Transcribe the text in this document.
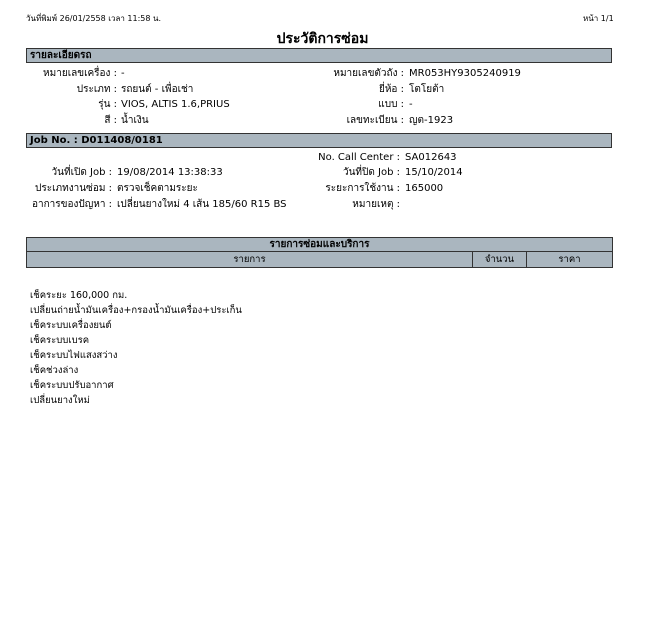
วันที่พิมพ์ 26/01/2558 เวลา 11:58 น.	หน้า 1/1
ประวัติการซ่อม
รายละเอียดรถ
หมายเลขเครื่อง : -	หมายเลขตัวถัง : MR053HY9305240919
ประเภท : รถยนต์ - เพื่อเช่า	ยี่ห้อ : โตโยต้า
รุ่น : VIOS, ALTIS 1.6,PRIUS	แบบ : -
สี : น้ำเงิน	เลขทะเบียน : ญต-1923
Job No. : D011408/0181
No. Call Center : SA012643
วันที่เปิด Job : 19/08/2014 13:38:33	วันที่ปิด Job : 15/10/2014
ประเภทงานซ่อม : ตรวจเช็คตามระยะ	ระยะการใช้งาน : 165000
อาการของปัญหา : เปลี่ยนยางใหม่ 4 เส้น 185/60 R15 BS	หมายเหตุ :
รายการซ่อมและบริการ
รายการ	จำนวน	ราคา
เช็คระยะ 160,000 กม.
เปลี่ยนถ่ายน้ำมันเครื่อง+กรองน้ำมันเครื่อง+ประเก็น
เช็คระบบเครื่องยนต์
เช็คระบบเบรค
เช็คระบบไฟแสงสว่าง
เช็คช่วงล่าง
เช็คระบบปรับอากาศ
เปลี่ยนยางใหม่
